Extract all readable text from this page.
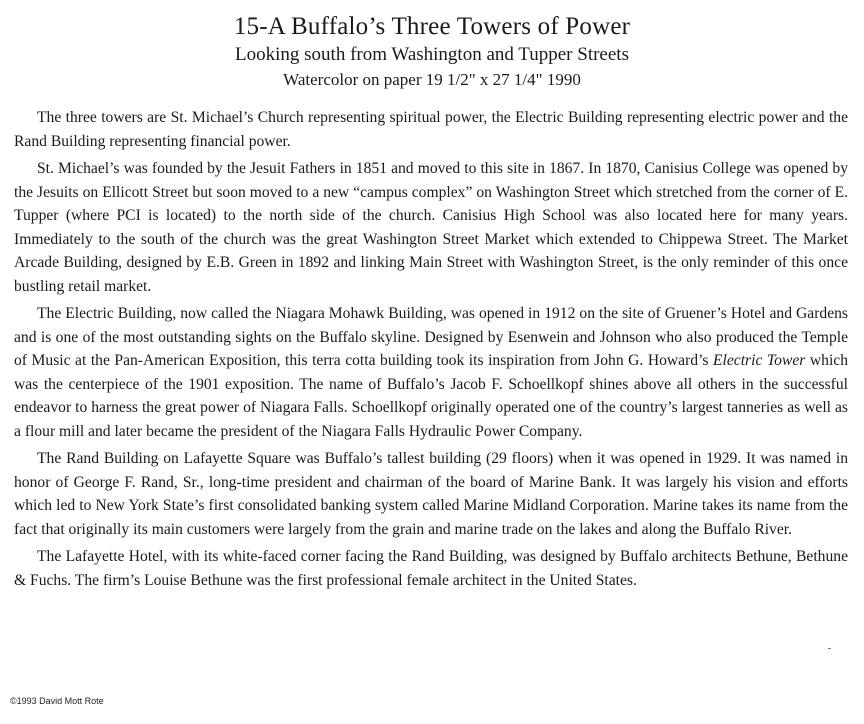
15-A Buffalo’s Three Towers of Power
Looking south from Washington and Tupper Streets
Watercolor on paper 19 1/2" x 27 1/4" 1990

The three towers are St. Michael’s Church representing spiritual power, the Electric Building representing electric power and the Rand Building representing financial power.

St. Michael’s was founded by the Jesuit Fathers in 1851 and moved to this site in 1867. In 1870, Canisius College was opened by the Jesuits on Ellicott Street but soon moved to a new “campus complex” on Washington Street which stretched from the corner of E. Tupper (where PCI is located) to the north side of the church. Canisius High School was also located here for many years. Immediately to the south of the church was the great Washington Street Market which extended to Chippewa Street. The Market Arcade Building, designed by E.B. Green in 1892 and linking Main Street with Washington Street, is the only reminder of this once bustling retail market.

The Electric Building, now called the Niagara Mohawk Building, was opened in 1912 on the site of Gruener’s Hotel and Gardens and is one of the most outstanding sights on the Buffalo skyline. Designed by Esenwein and Johnson who also produced the Temple of Music at the Pan-American Exposition, this terra cotta building took its inspiration from John G. Howard’s Electric Tower which was the centerpiece of the 1901 exposition. The name of Buffalo’s Jacob F. Schoellkopf shines above all others in the successful endeavor to harness the great power of Niagara Falls. Schoellkopf originally operated one of the country’s largest tanneries as well as a flour mill and later became the president of the Niagara Falls Hydraulic Power Company.

The Rand Building on Lafayette Square was Buffalo’s tallest building (29 floors) when it was opened in 1929. It was named in honor of George F. Rand, Sr., long-time president and chairman of the board of Marine Bank. It was largely his vision and efforts which led to New York State’s first consolidated banking system called Marine Midland Corporation. Marine takes its name from the fact that originally its main customers were largely from the grain and marine trade on the lakes and along the Buffalo River.

The Lafayette Hotel, with its white-faced corner facing the Rand Building, was designed by Buffalo architects Bethune, Bethune & Fuchs. The firm’s Louise Bethune was the first professional female architect in the United States.

©1993 David Mott Rote
